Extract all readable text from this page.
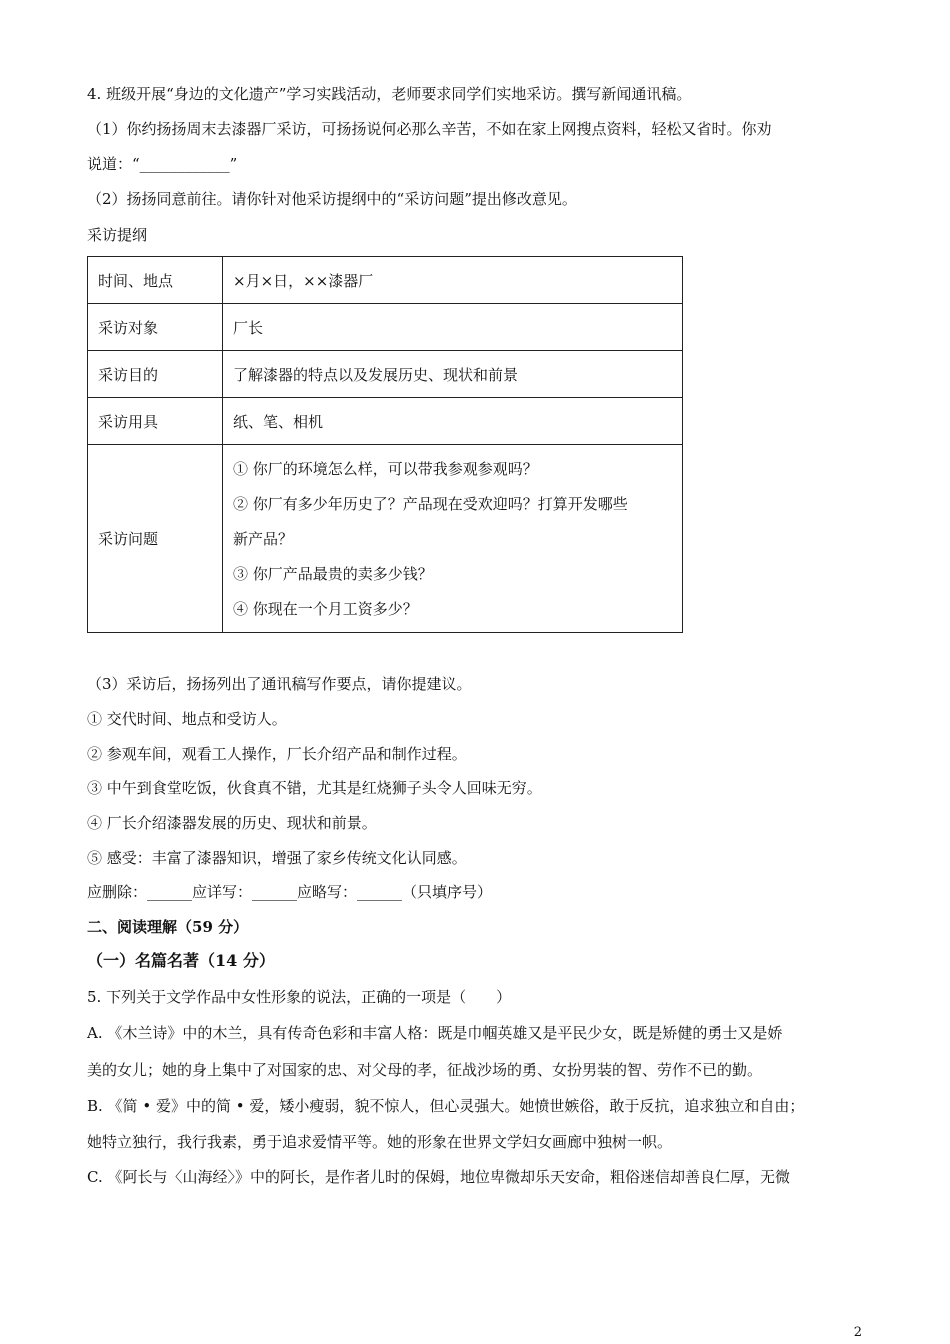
4. 班级开展“身边的文化遗产”学习实践活动，老师要求同学们实地采访。撰写新闻通讯稿。
（1）你约扬扬周末去漆器厂采访，可扬扬说何必那么辛苦，不如在家上网搜点资料，轻松又省时。你劝
说道：“____________”
（2）扬扬同意前往。请你针对他采访提纲中的“采访问题”提出修改意见。
采访提纲
时间、地点	×月×日，××漆器厂
采访对象	厂长
采访目的	了解漆器的特点以及发展历史、现状和前景
采访用具	纸、笔、相机
采访问题	① 你厂的环境怎么样，可以带我参观参观吗？
② 你厂有多少年历史了？产品现在受欢迎吗？打算开发哪些
新产品？
③ 你厂产品最贵的卖多少钱？
④ 你现在一个月工资多少？
（3）采访后，扬扬列出了通讯稿写作要点，请你提建议。
① 交代时间、地点和受访人。
② 参观车间，观看工人操作，厂长介绍产品和制作过程。
③ 中午到食堂吃饭，伙食真不错，尤其是红烧狮子头令人回味无穷。
④ 厂长介绍漆器发展的历史、现状和前景。
⑤ 感受：丰富了漆器知识，增强了家乡传统文化认同感。
应删除：______应详写：______应略写：______（只填序号）
二、阅读理解（59 分）
（一）名篇名著（14 分）
5. 下列关于文学作品中女性形象的说法，正确的一项是（　　）
A. 《木兰诗》中的木兰，具有传奇色彩和丰富人格：既是巾帼英雄又是平民少女，既是矫健的勇士又是娇
美的女儿；她的身上集中了对国家的忠、对父母的孝，征战沙场的勇、女扮男装的智、劳作不已的勤。
B. 《简 • 爱》中的简 • 爱，矮小瘦弱，貌不惊人，但心灵强大。她愤世嫉俗，敢于反抗，追求独立和自由；
她特立独行，我行我素，勇于追求爱情平等。她的形象在世界文学妇女画廊中独树一帜。
C. 《阿长与〈山海经〉》中的阿长，是作者儿时的保姆，地位卑微却乐天安命，粗俗迷信却善良仁厚，无微
2
